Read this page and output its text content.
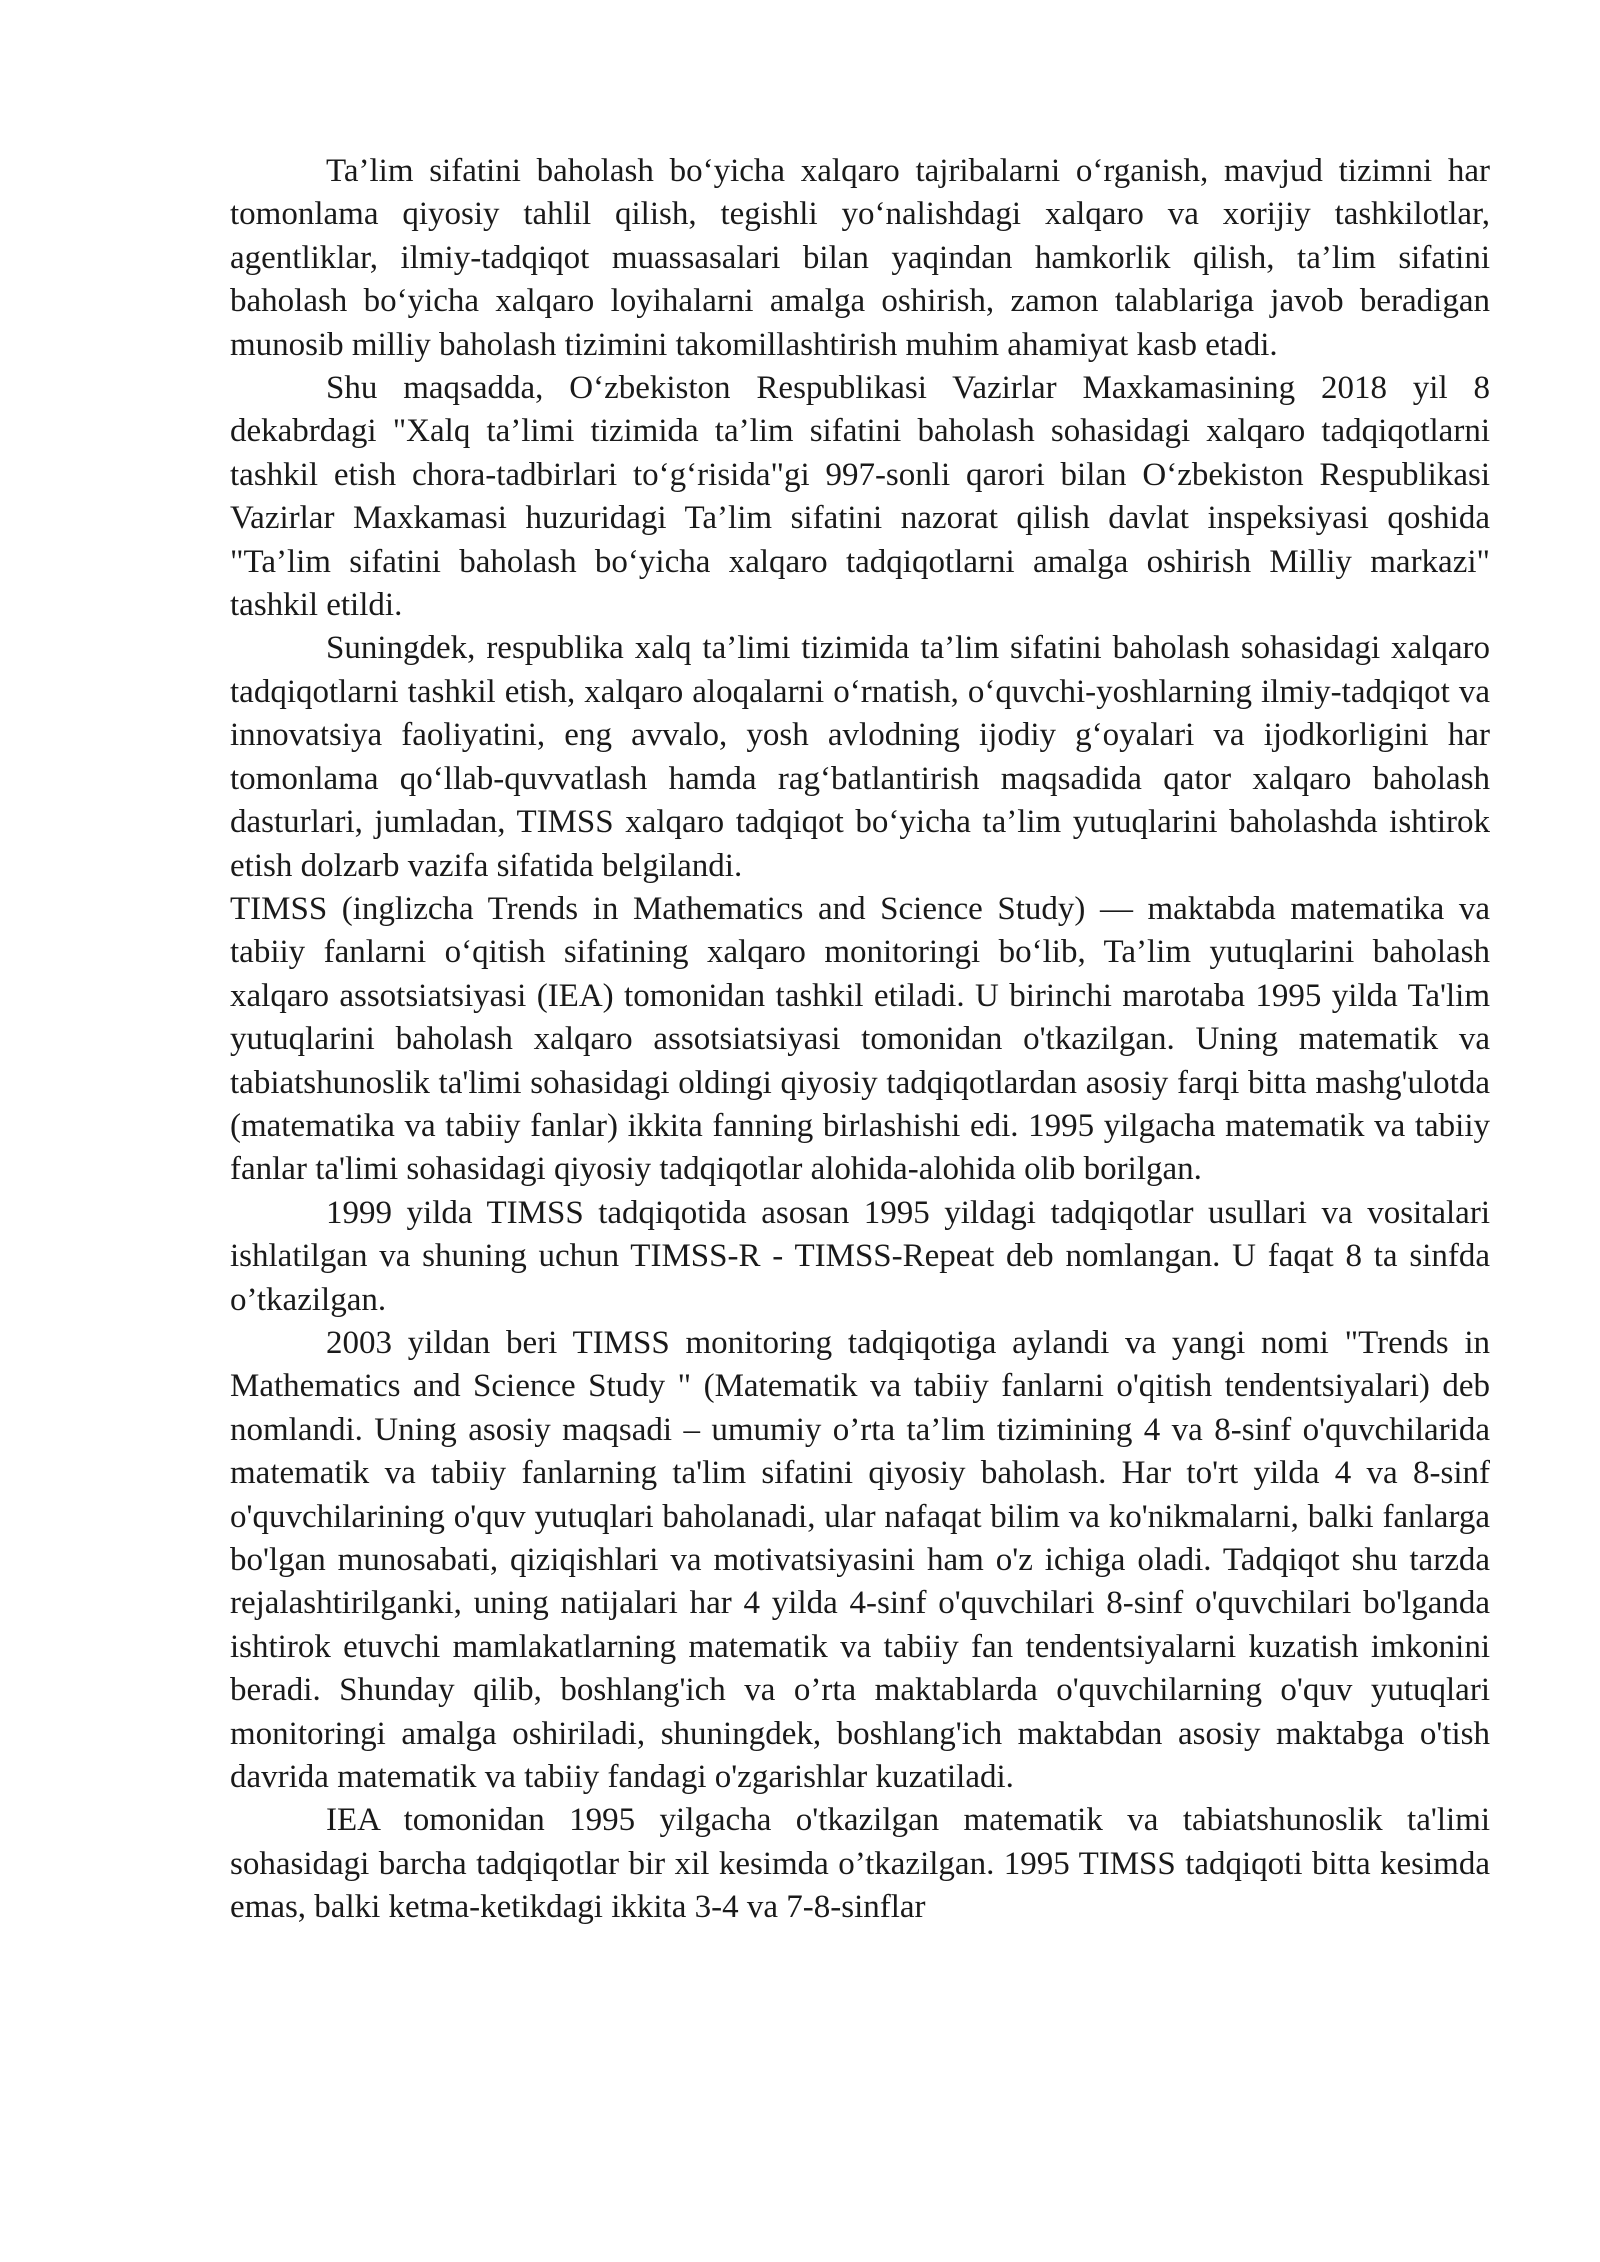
Ta’lim sifatini baholash bo‘yicha xalqaro tajribalarni o‘rganish, mavjud tizimni har tomonlama qiyosiy tahlil qilish, tegishli yo‘nalishdagi xalqaro va xorijiy tashkilotlar, agentliklar, ilmiy-tadqiqot muassasalari bilan yaqindan hamkorlik qilish, ta’lim sifatini baholash bo‘yicha xalqaro loyihalarni amalga oshirish, zamon talablariga javob beradigan munosib milliy baholash tizimini takomillashtirish muhim ahamiyat kasb etadi.

Shu maqsadda, O‘zbekiston Respublikasi Vazirlar Maxkamasining 2018 yil 8 dekabrdagi "Xalq ta’limi tizimida ta’lim sifatini baholash sohasidagi xalqaro tadqiqotlarni tashkil etish chora-tadbirlari to‘g‘risida"gi 997-sonli qarori bilan O‘zbekiston Respublikasi Vazirlar Maxkamasi huzuridagi Ta’lim sifatini nazorat qilish davlat inspeksiyasi qoshida "Ta’lim sifatini baholash bo‘yicha xalqaro tadqiqotlarni amalga oshirish Milliy markazi" tashkil etildi.

Suningdek, respublika xalq ta’limi tizimida ta’lim sifatini baholash sohasidagi xalqaro tadqiqotlarni tashkil etish, xalqaro aloqalarni o‘rnatish, o‘quvchi-yoshlarning ilmiy-tadqiqot va innovatsiya faoliyatini, eng avvalo, yosh avlodning ijodiy g‘oyalari va ijodkorligini har tomonlama qo‘llab-quvvatlash hamda rag‘batlantirish maqsadida qator xalqaro baholash dasturlari, jumladan, TIMSS xalqaro tadqiqot bo‘yicha ta’lim yutuqlarini baholashda ishtirok etish dolzarb vazifa sifatida belgilandi.

TIMSS (inglizcha Trends in Mathematics and Science Study) — maktabda matematika va tabiiy fanlarni o‘qitish sifatining xalqaro monitoringi bo‘lib, Ta’lim yutuqlarini baholash xalqaro assotsiatsiyasi (IEA) tomonidan tashkil etiladi. U birinchi marotaba 1995 yilda Ta'lim yutuqlarini baholash xalqaro assotsiatsiyasi tomonidan o'tkazilgan. Uning matematik va tabiatshunoslik ta'limi sohasidagi oldingi qiyosiy tadqiqotlardan asosiy farqi bitta mashg'ulotda (matematika va tabiiy fanlar) ikkita fanning birlashishi edi. 1995 yilgacha matematik va tabiiy fanlar ta'limi sohasidagi qiyosiy tadqiqotlar alohida-alohida olib borilgan.

1999 yilda TIMSS tadqiqotida asosan 1995 yildagi tadqiqotlar usullari va vositalari ishlatilgan va shuning uchun TIMSS-R - TIMSS-Repeat deb nomlangan. U faqat 8 ta sinfda o’tkazilgan.

2003 yildan beri TIMSS monitoring tadqiqotiga aylandi va yangi nomi "Trends in Mathematics and Science Study " (Matematik va tabiiy fanlarni o'qitish tendentsiyalari) deb nomlandi. Uning asosiy maqsadi – umumiy o’rta ta’lim tizimining 4 va 8-sinf o'quvchilarida matematik va tabiiy fanlarning ta'lim sifatini qiyosiy baholash. Har to'rt yilda 4 va 8-sinf o'quvchilarining o'quv yutuqlari baholanadi, ular nafaqat bilim va ko'nikmalarni, balki fanlarga bo'lgan munosabati, qiziqishlari va motivatsiyasini ham o'z ichiga oladi. Tadqiqot shu tarzda rejalashtirilganki, uning natijalari har 4 yilda 4-sinf o'quvchilari 8-sinf o'quvchilari bo'lganda ishtirok etuvchi mamlakatlarning matematik va tabiiy fan tendentsiyalarni kuzatish imkonini beradi. Shunday qilib, boshlang'ich va o’rta maktablarda o'quvchilarning o'quv yutuqlari monitoringi amalga oshiriladi, shuningdek, boshlang'ich maktabdan asosiy maktabga o'tish davrida matematik va tabiiy fandagi o'zgarishlar kuzatiladi.

IEA tomonidan 1995 yilgacha o'tkazilgan matematik va tabiatshunoslik ta'limi sohasidagi barcha tadqiqotlar bir xil kesimda o’tkazilgan. 1995 TIMSS tadqiqoti bitta kesimda emas, balki ketma-ketikdagi ikkita 3-4 va 7-8-sinflar
